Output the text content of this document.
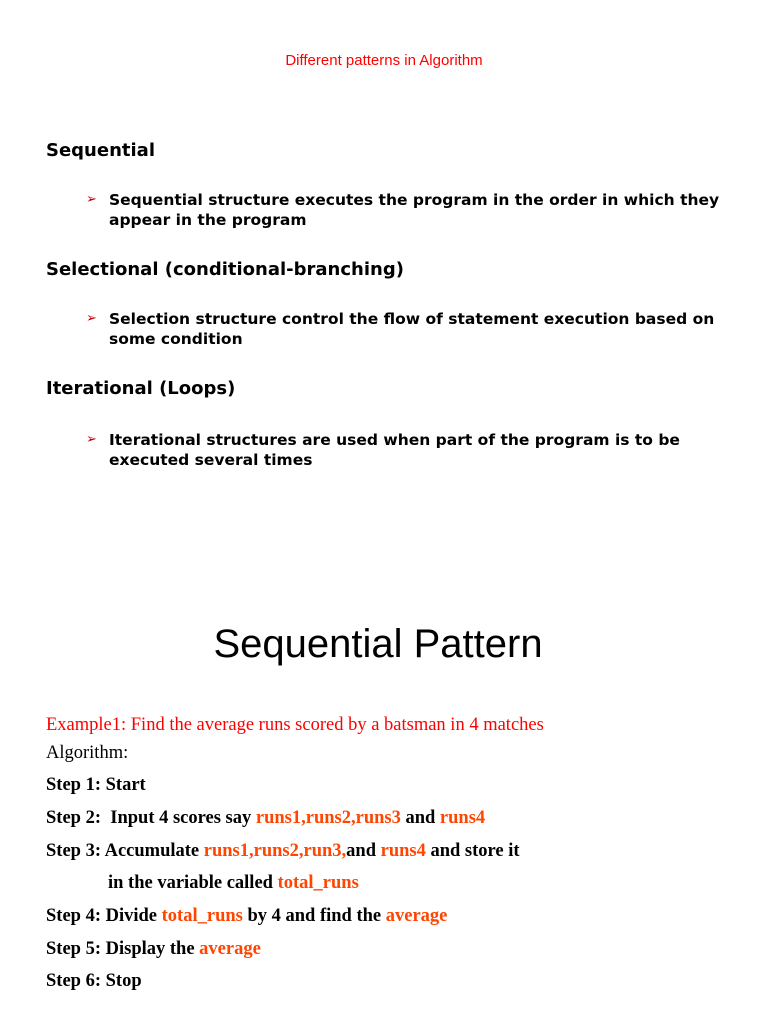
Different patterns in Algorithm
Sequential
➢ Sequential structure executes the program in the order in which they appear in the program
Selectional (conditional-branching)
➢ Selection structure control the flow of statement execution based on some condition
Iterational (Loops)
➢ Iterational structures are used when part of the program is to be executed several times
Sequential Pattern
Example1: Find the average runs scored by a batsman in 4 matches
Algorithm:
Step 1: Start
Step 2:  Input 4 scores say runs1,runs2,runs3 and runs4
Step 3: Accumulate runs1,runs2,run3,and runs4 and store it
in the variable called total_runs
Step 4: Divide total_runs by 4 and find the average
Step 5: Display the average
Step 6: Stop
